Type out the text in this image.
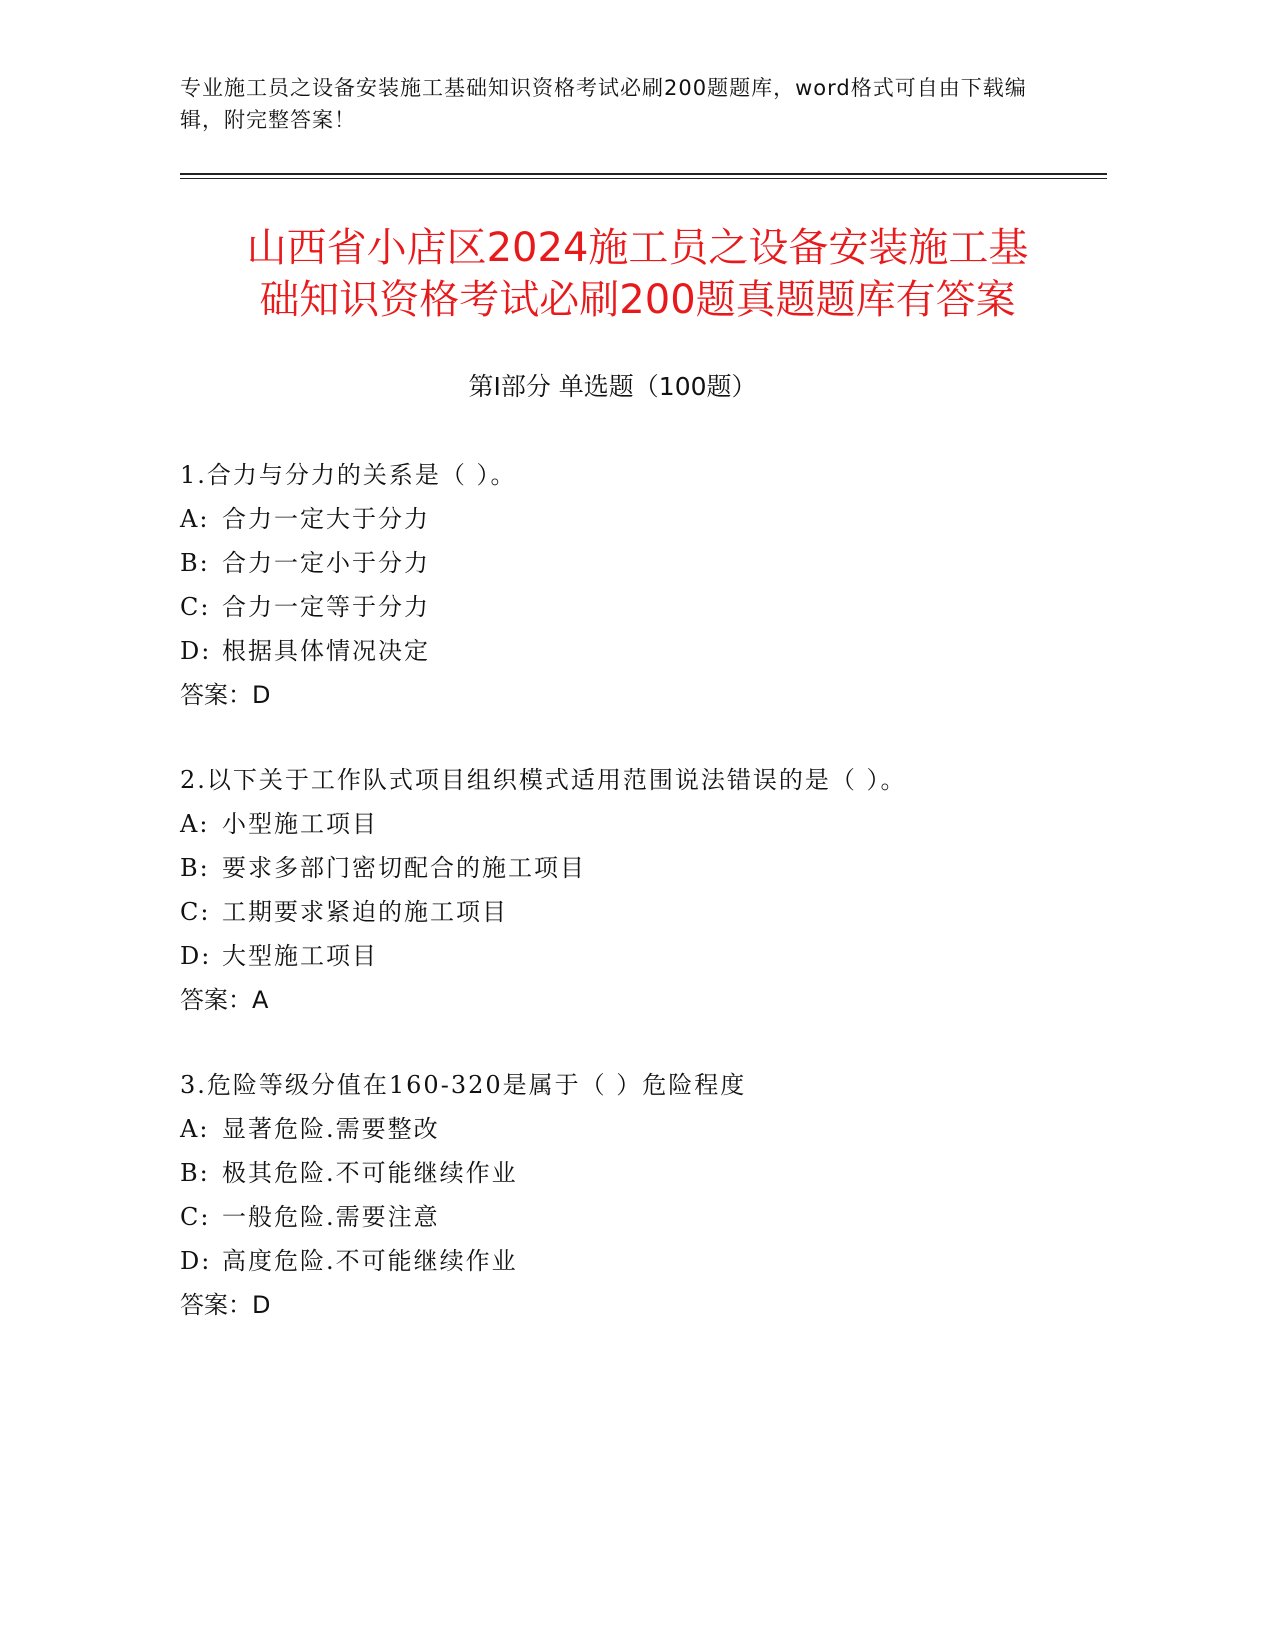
专业施工员之设备安装施工基础知识资格考试必刷200题题库，word格式可自由下载编辑，附完整答案！
山西省小店区2024施工员之设备安装施工基
础知识资格考试必刷200题真题题库有答案
第Ⅰ部分 单选题（100题）
1.合力与分力的关系是（ ）。
A: 合力一定大于分力
B: 合力一定小于分力
C: 合力一定等于分力
D: 根据具体情况决定
答案：D
2.以下关于工作队式项目组织模式适用范围说法错误的是（ ）。
A: 小型施工项目
B: 要求多部门密切配合的施工项目
C: 工期要求紧迫的施工项目
D: 大型施工项目
答案：A
3.危险等级分值在160-320是属于（ ）危险程度
A: 显著危险.需要整改
B: 极其危险.不可能继续作业
C: 一般危险.需要注意
D: 高度危险.不可能继续作业
答案：D
